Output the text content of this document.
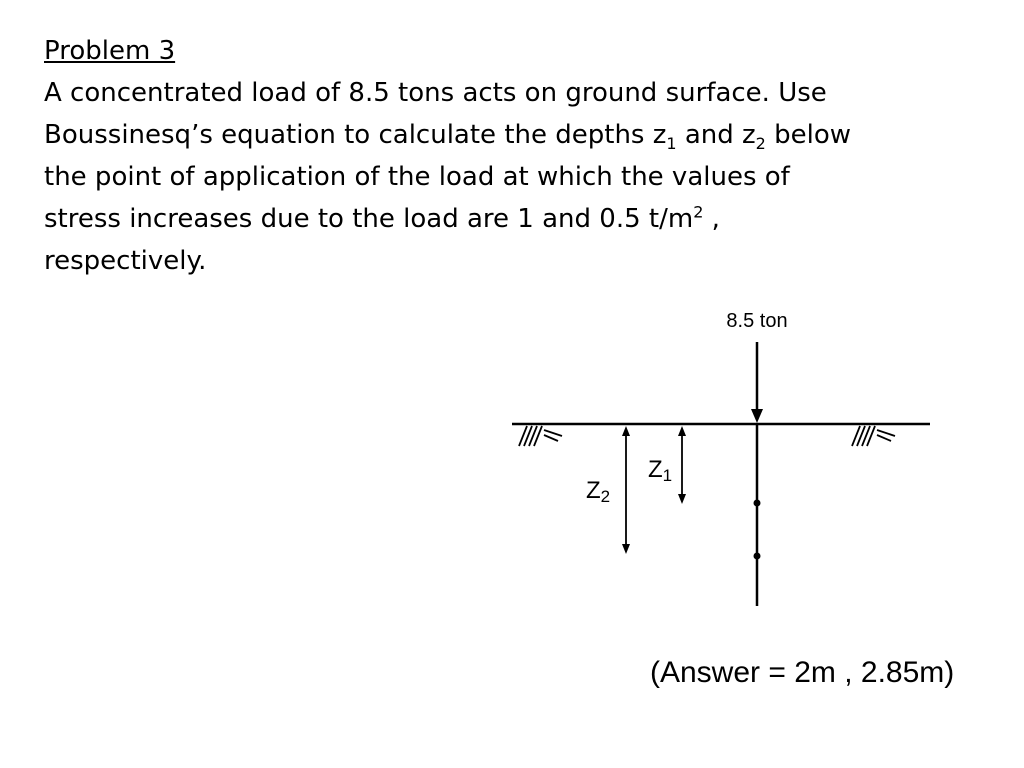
Problem 3
A concentrated load of 8.5 tons acts on ground surface. Use
Boussinesq’s equation to calculate the depths $z_1$ and $z_2$ below
the point of application of the load at which the values of
stress increases due to the load are 1 and 0.5 $t/m^2$ ,
respectively.
8.5 ton
Z1
Z2
(Answer = 2m , 2.85m)
